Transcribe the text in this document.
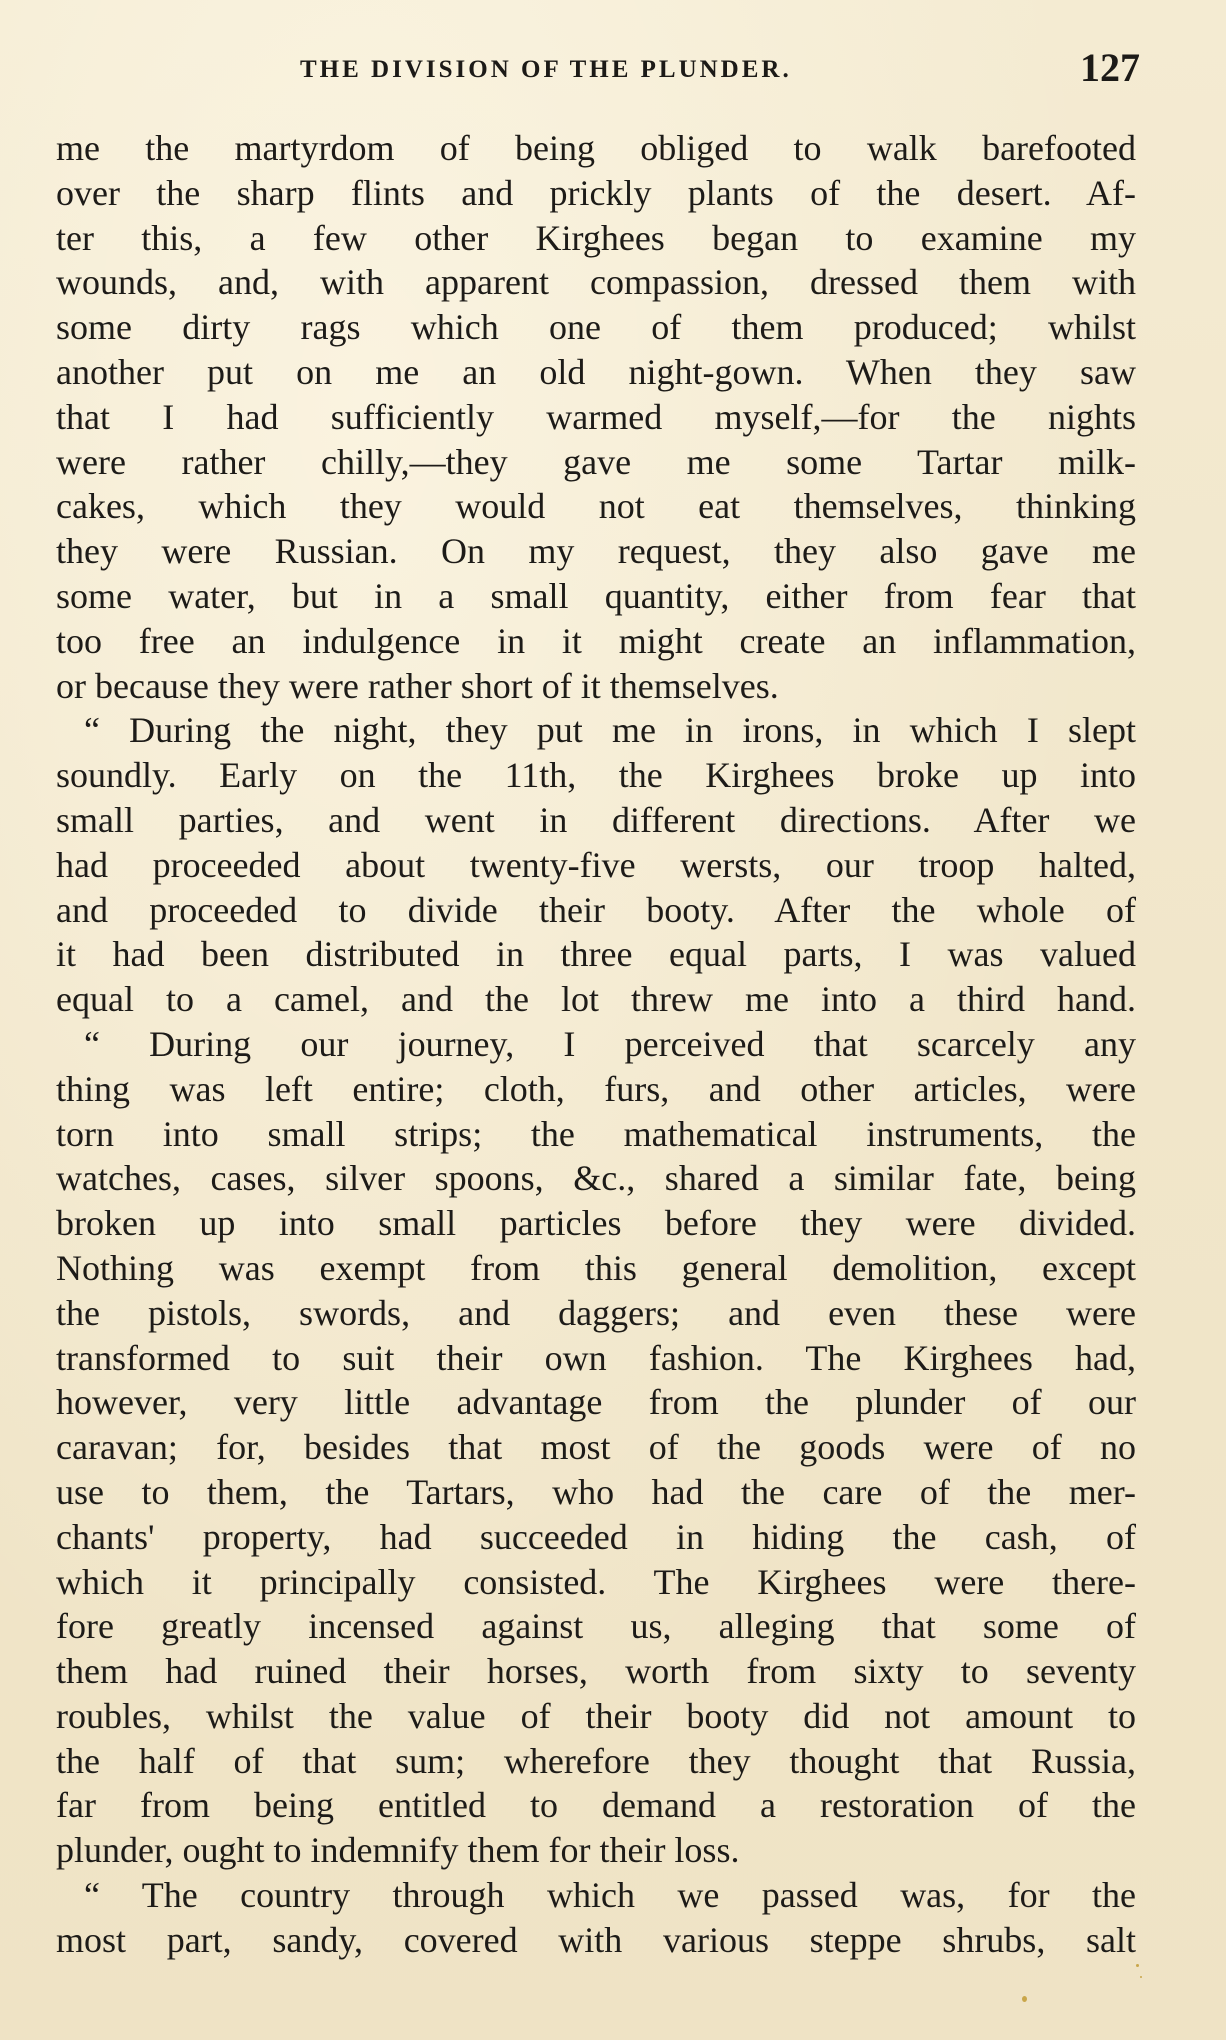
THE DIVISION OF THE PLUNDER.	127
me the martyrdom of being obliged to walk barefooted
over the sharp flints and prickly plants of the desert. Af-
ter this, a few other Kirghees began to examine my
wounds, and, with apparent compassion, dressed them with
some dirty rags which one of them produced; whilst
another put on me an old night-gown. When they saw
that I had sufficiently warmed myself,—for the nights
were rather chilly,—they gave me some Tartar milk-
cakes, which they would not eat themselves, thinking
they were Russian. On my request, they also gave me
some water, but in a small quantity, either from fear that
too free an indulgence in it might create an inflammation,
or because they were rather short of it themselves.
“ During the night, they put me in irons, in which I slept
soundly. Early on the 11th, the Kirghees broke up into
small parties, and went in different directions. After we
had proceeded about twenty-five wersts, our troop halted,
and proceeded to divide their booty. After the whole of
it had been distributed in three equal parts, I was valued
equal to a camel, and the lot threw me into a third hand.
“ During our journey, I perceived that scarcely any
thing was left entire; cloth, furs, and other articles, were
torn into small strips; the mathematical instruments, the
watches, cases, silver spoons, &c., shared a similar fate, being
broken up into small particles before they were divided.
Nothing was exempt from this general demolition, except
the pistols, swords, and daggers; and even these were
transformed to suit their own fashion. The Kirghees had,
however, very little advantage from the plunder of our
caravan; for, besides that most of the goods were of no
use to them, the Tartars, who had the care of the mer-
chants' property, had succeeded in hiding the cash, of
which it principally consisted. The Kirghees were there-
fore greatly incensed against us, alleging that some of
them had ruined their horses, worth from sixty to seventy
roubles, whilst the value of their booty did not amount to
the half of that sum; wherefore they thought that Russia,
far from being entitled to demand a restoration of the
plunder, ought to indemnify them for their loss.
“ The country through which we passed was, for the
most part, sandy, covered with various steppe shrubs, salt
